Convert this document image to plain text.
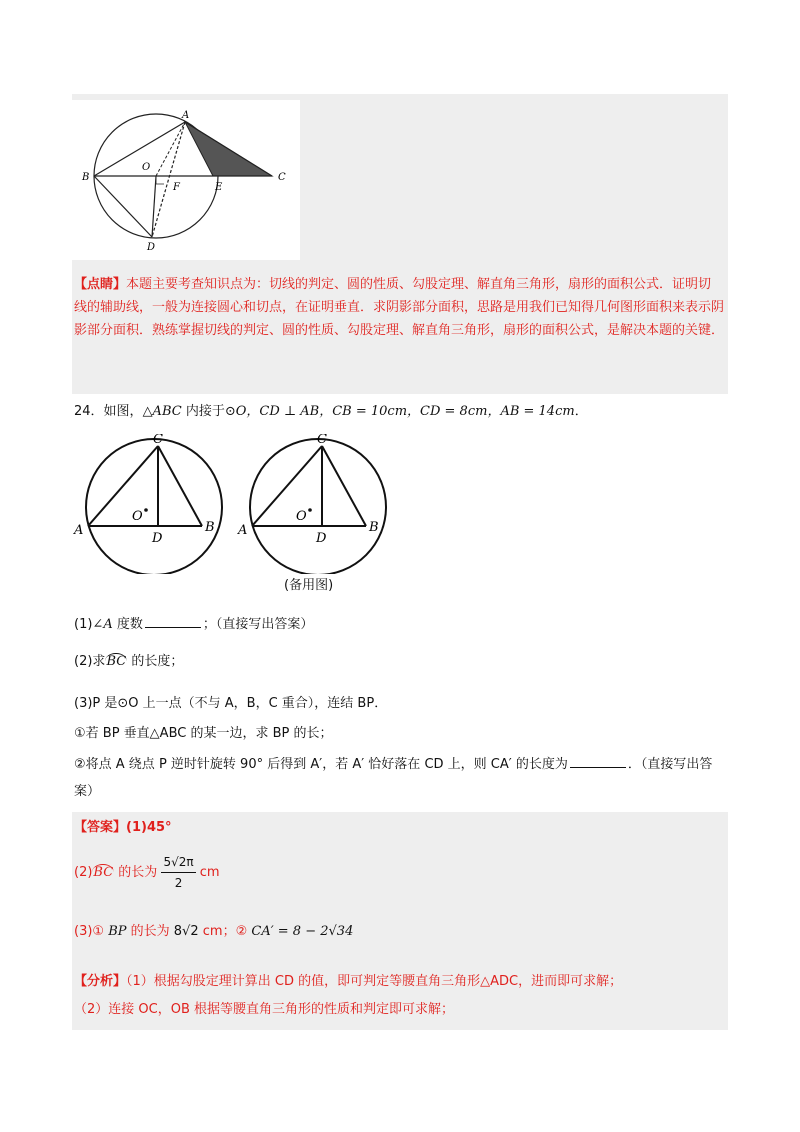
A
B	C
O
F	E
D
【点睛】本题主要考查知识点为：切线的判定、圆的性质、勾股定理、解直角三角形，扇形的面积公式．证明切线的辅助线，一般为连接圆心和切点，在证明垂直．求阴影部分面积，思路是用我们已知得几何图形面积来表示阴影部分面积．熟练掌握切线的判定、圆的性质、勾股定理、解直角三角形，扇形的面积公式，是解决本题的关键．
24．如图，△ABC 内接于⊙O，CD ⊥ AB，CB = 10cm，CD = 8cm，AB = 14cm．
C
O
A
D
B
C
O
A
D
B
(备用图)
(1)∠A 度数	；（直接写出答案）
(2)求BC 的长度；
(3)P 是⊙O 上一点（不与 A，B，C 重合），连结 BP．
①若 BP 垂直△ABC 的某一边，求 BP 的长；
②将点 A 绕点 P 逆时针旋转 90° 后得到 A′，若 A′ 恰好落在 CD 上，则 CA′ 的长度为	．（直接写出答
案）
【答案】(1)45°
(2)BC 的长为 $\frac{5√2\pi}{2}$ cm
(3)① BP 的长为 8√2 cm；② CA′ = 8 − 2√34
【分析】（1）根据勾股定理计算出 CD 的值，即可判定等腰直角三角形△ADC，进而即可求解；
（2）连接 OC，OB 根据等腰直角三角形的性质和判定即可求解；
